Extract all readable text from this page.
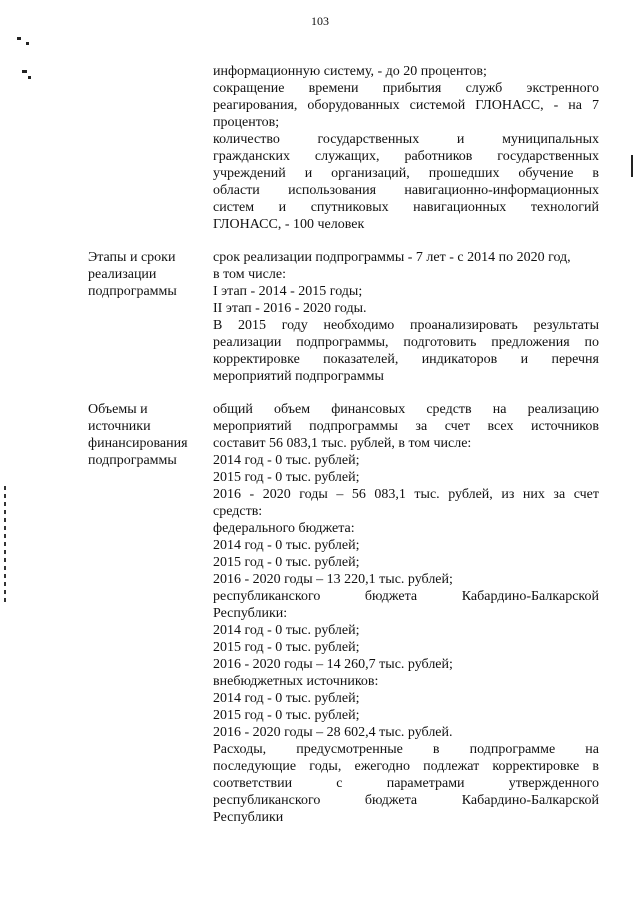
103
информационную систему, - до 20 процентов;
сокращение времени прибытия служб экстренного
реагирования, оборудованных системой ГЛОНАСС, - на 7
процентов;
количество государственных и муниципальных
гражданских служащих, работников государственных
учреждений и организаций, прошедших обучение в
области использования навигационно-информационных
систем и спутниковых навигационных технологий
ГЛОНАСС, - 100 человек
Этапы и сроки
реализации
подпрограммы
срок реализации подпрограммы - 7 лет - с 2014 по 2020 год,
в том числе:
I этап - 2014 - 2015 годы;
II этап - 2016 - 2020 годы.
В 2015 году необходимо проанализировать результаты
реализации подпрограммы, подготовить предложения по
корректировке показателей, индикаторов и перечня
мероприятий подпрограммы
Объемы и
источники
финансирования
подпрограммы
общий объем финансовых средств на реализацию
мероприятий подпрограммы за счет всех источников
составит 56 083,1 тыс. рублей, в том числе:
2014 год - 0 тыс. рублей;
2015 год - 0 тыс. рублей;
2016 - 2020 годы – 56 083,1 тыс. рублей, из них за счет
средств:
федерального бюджета:
2014 год - 0 тыс. рублей;
2015 год - 0 тыс. рублей;
2016 - 2020 годы – 13 220,1 тыс. рублей;
республиканского бюджета Кабардино-Балкарской
Республики:
2014 год - 0 тыс. рублей;
2015 год - 0 тыс. рублей;
2016 - 2020 годы – 14 260,7 тыс. рублей;
внебюджетных источников:
2014 год - 0 тыс. рублей;
2015 год - 0 тыс. рублей;
2016 - 2020 годы – 28 602,4 тыс. рублей.
Расходы, предусмотренные в подпрограмме на
последующие годы, ежегодно подлежат корректировке в
соответствии с параметрами утвержденного
республиканского бюджета Кабардино-Балкарской
Республики
